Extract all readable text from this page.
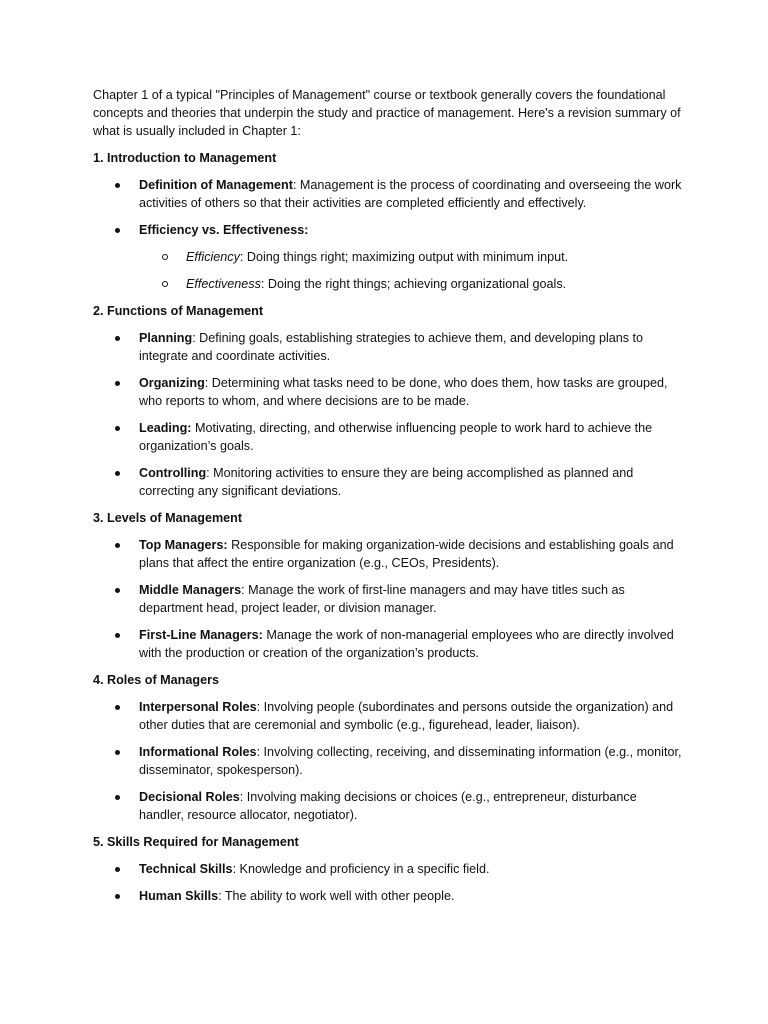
Chapter 1 of a typical "Principles of Management" course or textbook generally covers the foundational concepts and theories that underpin the study and practice of management. Here's a revision summary of what is usually included in Chapter 1:

1. Introduction to Management
Definition of Management: Management is the process of coordinating and overseeing the work activities of others so that their activities are completed efficiently and effectively.
Efficiency vs. Effectiveness:
Efficiency: Doing things right; maximizing output with minimum input.
Effectiveness: Doing the right things; achieving organizational goals.
2. Functions of Management
Planning: Defining goals, establishing strategies to achieve them, and developing plans to integrate and coordinate activities.
Organizing: Determining what tasks need to be done, who does them, how tasks are grouped, who reports to whom, and where decisions are to be made.
Leading: Motivating, directing, and otherwise influencing people to work hard to achieve the organization’s goals.
Controlling: Monitoring activities to ensure they are being accomplished as planned and correcting any significant deviations.
3. Levels of Management
Top Managers: Responsible for making organization-wide decisions and establishing goals and plans that affect the entire organization (e.g., CEOs, Presidents).
Middle Managers: Manage the work of first-line managers and may have titles such as department head, project leader, or division manager.
First-Line Managers: Manage the work of non-managerial employees who are directly involved with the production or creation of the organization’s products.
4. Roles of Managers
Interpersonal Roles: Involving people (subordinates and persons outside the organization) and other duties that are ceremonial and symbolic (e.g., figurehead, leader, liaison).
Informational Roles: Involving collecting, receiving, and disseminating information (e.g., monitor, disseminator, spokesperson).
Decisional Roles: Involving making decisions or choices (e.g., entrepreneur, disturbance handler, resource allocator, negotiator).
5. Skills Required for Management
Technical Skills: Knowledge and proficiency in a specific field.
Human Skills: The ability to work well with other people.
